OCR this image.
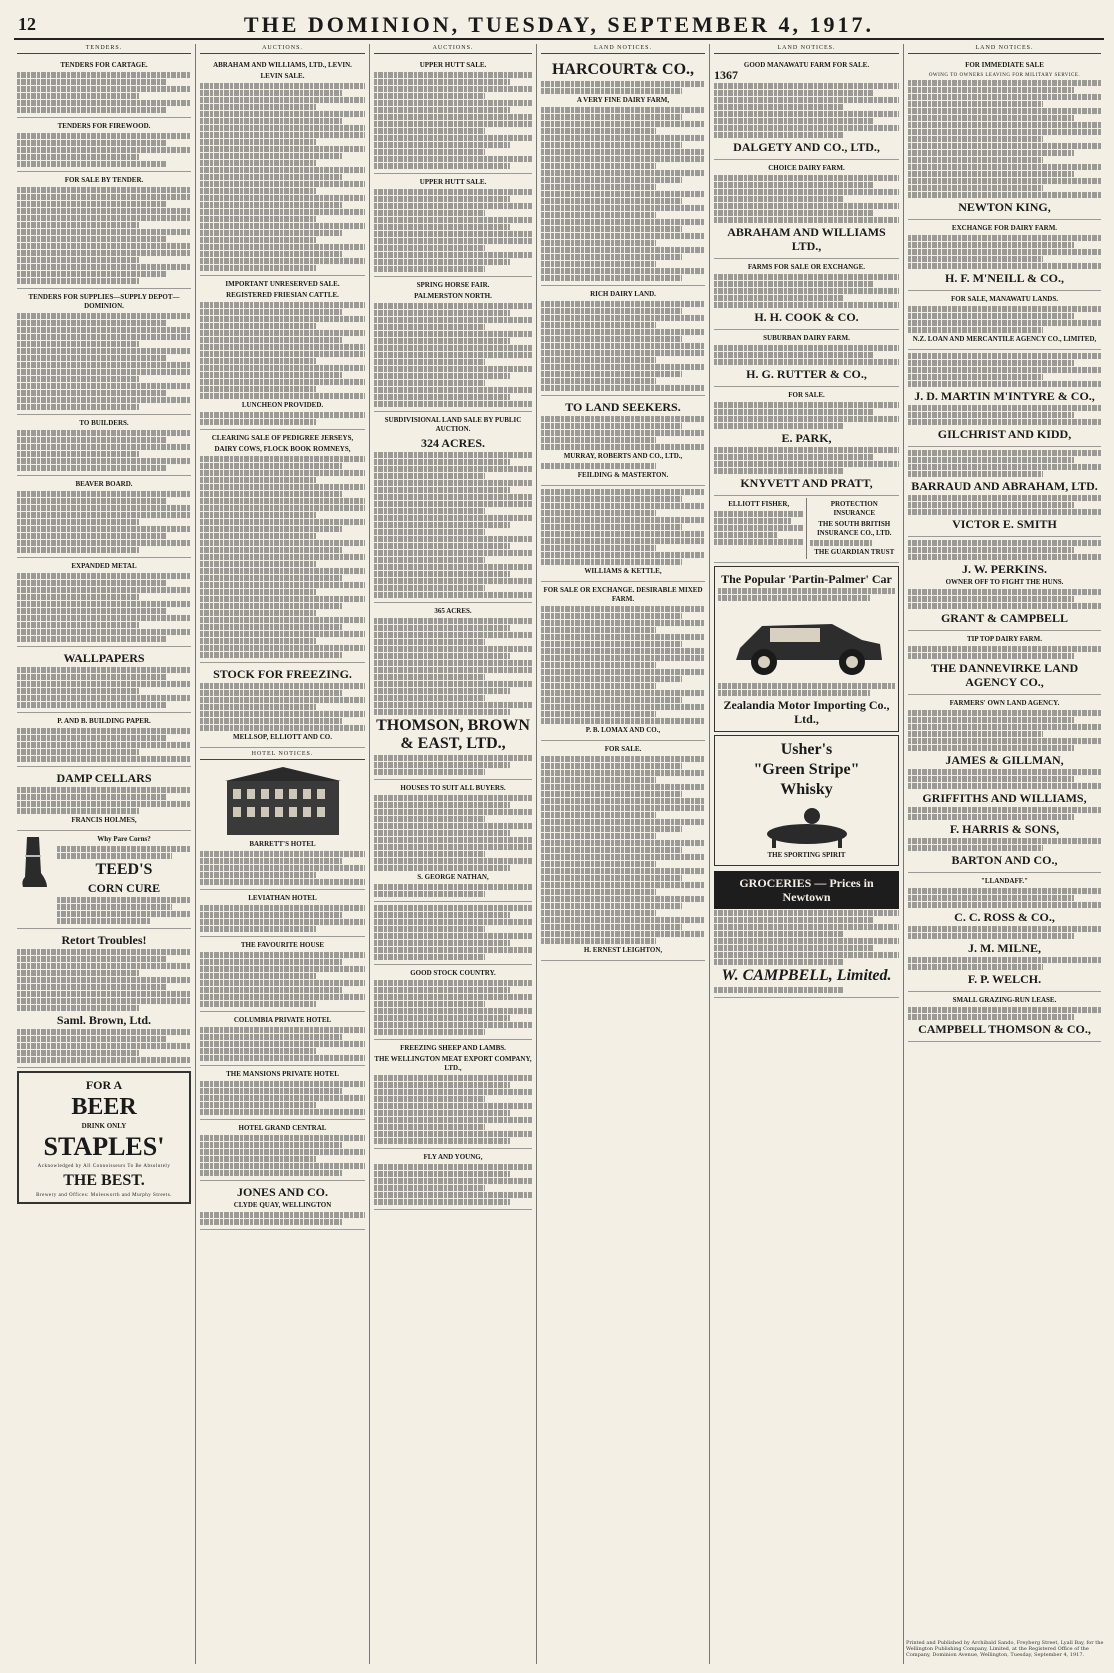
12	THE DOMINION, TUESDAY, SEPTEMBER 4, 1917.
TENDERS.
TENDERS FOR CARTAGE.
TENDERS FOR FIREWOOD.
FOR SALE BY TENDER.
TENDERS FOR SUPPLIES—SUPPLY DEPOT—DOMINION.
TO BUILDERS.
BEAVER BOARD.
EXPANDED METAL
WALLPAPERS
P. AND B. BUILDING PAPER.
DAMP CELLARS
FRANCIS HOLMES,
Why Pare Corns?
TEED'S
CORN CURE
Retort Troubles!
Saml. Brown, Ltd.
FOR A
BEER
DRINK ONLY
STAPLES'
Acknowledged by All Connoisseurs To Be Absolutely
THE BEST.
Brewery and Offices: Molesworth and Murphy Streets.
AUCTIONS.
ABRAHAM AND WILLIAMS, LTD., LEVIN.
LEVIN SALE.
IMPORTANT UNRESERVED SALE.
REGISTERED FRIESIAN CATTLE.
LUNCHEON PROVIDED.
CLEARING SALE OF PEDIGREE JERSEYS,
DAIRY COWS, FLOCK BOOK ROMNEYS,
STOCK FOR FREEZING.
MELLSOP, ELLIOTT AND CO.
HOTEL NOTICES.
BARRETT'S HOTEL
LEVIATHAN HOTEL
THE FAVOURITE HOUSE
COLUMBIA PRIVATE HOTEL
THE MANSIONS PRIVATE HOTEL
HOTEL GRAND CENTRAL
JONES AND CO.
CLYDE QUAY, WELLINGTON
AUCTIONS.
UPPER HUTT SALE.
UPPER HUTT SALE.
SPRING HORSE FAIR.
PALMERSTON NORTH.
SUBDIVISIONAL LAND SALE BY PUBLIC AUCTION.
324 ACRES.
365 ACRES.
THOMSON, BROWN & EAST, LTD.,
HOUSES TO SUIT ALL BUYERS.
S. GEORGE NATHAN,
GOOD STOCK COUNTRY.
FREEZING SHEEP AND LAMBS.
THE WELLINGTON MEAT EXPORT COMPANY, LTD.,
FLY AND YOUNG,
LAND NOTICES.
HARCOURT& CO.,
A VERY FINE DAIRY FARM,
RICH DAIRY LAND.
TO LAND SEEKERS.
MURRAY, ROBERTS AND CO., LTD.,
FEILDING & MASTERTON.
WILLIAMS & KETTLE,
FOR SALE OR EXCHANGE. DESIRABLE MIXED FARM.
P. B. LOMAX AND CO.,
FOR SALE.
H. ERNEST LEIGHTON,
LAND NOTICES.
GOOD MANAWATU FARM FOR SALE.
1367
DALGETY AND CO., LTD.,
CHOICE DAIRY FARM.
ABRAHAM AND WILLIAMS LTD.,
FARMS FOR SALE OR EXCHANGE.
H. H. COOK & CO.
SUBURBAN DAIRY FARM.
H. G. RUTTER & CO.,
FOR SALE.
E. PARK,
KNYVETT AND PRATT,
ELLIOTT FISHER,	PROTECTION INSURANCE
THE SOUTH BRITISH INSURANCE CO., LTD.
THE GUARDIAN TRUST
The Popular 'Partin-Palmer' Car
Zealandia Motor Importing Co., Ltd.,
Usher's
"Green Stripe"
Whisky
THE SPORTING SPIRIT
GROCERIES — Prices in Newtown
W. CAMPBELL, Limited.
LAND NOTICES.
FOR IMMEDIATE SALE
OWING TO OWNERS LEAVING FOR MILITARY SERVICE.
NEWTON KING,
EXCHANGE FOR DAIRY FARM.
H. F. M'NEILL & CO.,
FOR SALE, MANAWATU LANDS.
N.Z. LOAN AND MERCANTILE AGENCY CO., LIMITED,
J. D. MARTIN M'INTYRE & CO.,
GILCHRIST AND KIDD,
BARRAUD AND ABRAHAM, LTD.
VICTOR E. SMITH
J. W. PERKINS.
OWNER OFF TO FIGHT THE HUNS.
GRANT & CAMPBELL
TIP TOP DAIRY FARM.
THE DANNEVIRKE LAND AGENCY CO.,
FARMERS' OWN LAND AGENCY.
JAMES & GILLMAN,
GRIFFITHS AND WILLIAMS,
F. HARRIS & SONS,
BARTON AND CO.,
"LLANDAFF."
C. C. ROSS & CO.,
J. M. MILNE,
F. P. WELCH.
SMALL GRAZING-RUN LEASE.
CAMPBELL THOMSON & CO.,
Printed and Published by Archibald Sando, Freyberg Street, Lyall Bay, for the Wellington Publishing Company, Limited, at the Registered Office of the Company, Dominion Avenue, Wellington, Tuesday, September 4, 1917.
